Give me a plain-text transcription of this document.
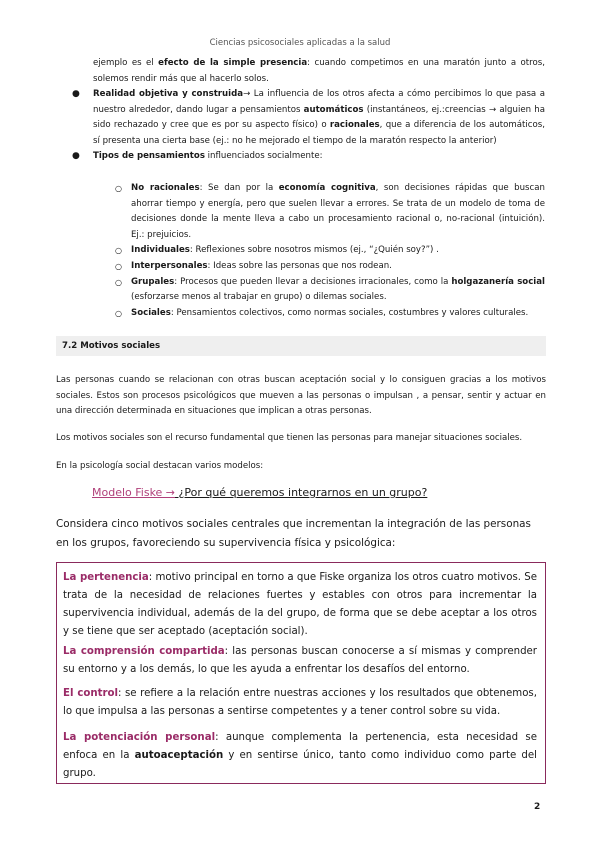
Ciencias psicosociales aplicadas a la salud

ejemplo es el efecto de la simple presencia: cuando competimos en una maratón junto a otros, solemos rendir más que al hacerlo solos.

● Realidad objetiva y construida→ La influencia de los otros afecta a cómo percibimos lo que pasa a nuestro alrededor, dando lugar a pensamientos automáticos (instantáneos, ej.:creencias → alguien ha sido rechazado y cree que es por su aspecto físico) o racionales, que a diferencia de los automáticos, sí presenta una cierta base (ej.: no he mejorado el tiempo de la maratón respecto la anterior)
● Tipos de pensamientos influenciados socialmente:
○ No racionales: Se dan por la economía cognitiva, son decisiones rápidas que buscan ahorrar tiempo y energía, pero que suelen llevar a errores. Se trata de un modelo de toma de decisiones donde la mente lleva a cabo un procesamiento racional o, no-racional (intuición). Ej.: prejuicios.
○ Individuales: Reflexiones sobre nosotros mismos (ej., “¿Quién soy?”) .
○ Interpersonales: Ideas sobre las personas que nos rodean.
○ Grupales: Procesos que pueden llevar a decisiones irracionales, como la holgazanería social (esforzarse menos al trabajar en grupo) o dilemas sociales.
○ Sociales: Pensamientos colectivos, como normas sociales, costumbres y valores culturales.
7.2 Motivos sociales

Las personas cuando se relacionan con otras buscan aceptación social y lo consiguen gracias a los motivos sociales. Estos son procesos psicológicos que mueven a las personas o impulsan , a pensar, sentir y actuar en una dirección determinada en situaciones que implican a otras personas.

Los motivos sociales son el recurso fundamental que tienen las personas para manejar situaciones sociales.

En la psicología social destacan varios modelos:

Modelo Fiske → ¿Por qué queremos integrarnos en un grupo?

Considera cinco motivos sociales centrales que incrementan la integración de las personas en los grupos, favoreciendo su supervivencia física y psicológica:

La pertenencia: motivo principal en torno a que Fiske organiza los otros cuatro motivos. Se trata de la necesidad de relaciones fuertes y estables con otros para incrementar la supervivencia individual, además de la del grupo, de forma que se debe aceptar a los otros y se tiene que ser aceptado (aceptación social).

La comprensión compartida: las personas buscan conocerse a sí mismas y comprender su entorno y a los demás, lo que les ayuda a enfrentar los desafíos del entorno.

El control: se refiere a la relación entre nuestras acciones y los resultados que obtenemos, lo que impulsa a las personas a sentirse competentes y a tener control sobre su vida.

La potenciación personal: aunque complementa la pertenencia, esta necesidad se enfoca en la autoaceptación y en sentirse único, tanto como individuo como parte del grupo.

2
